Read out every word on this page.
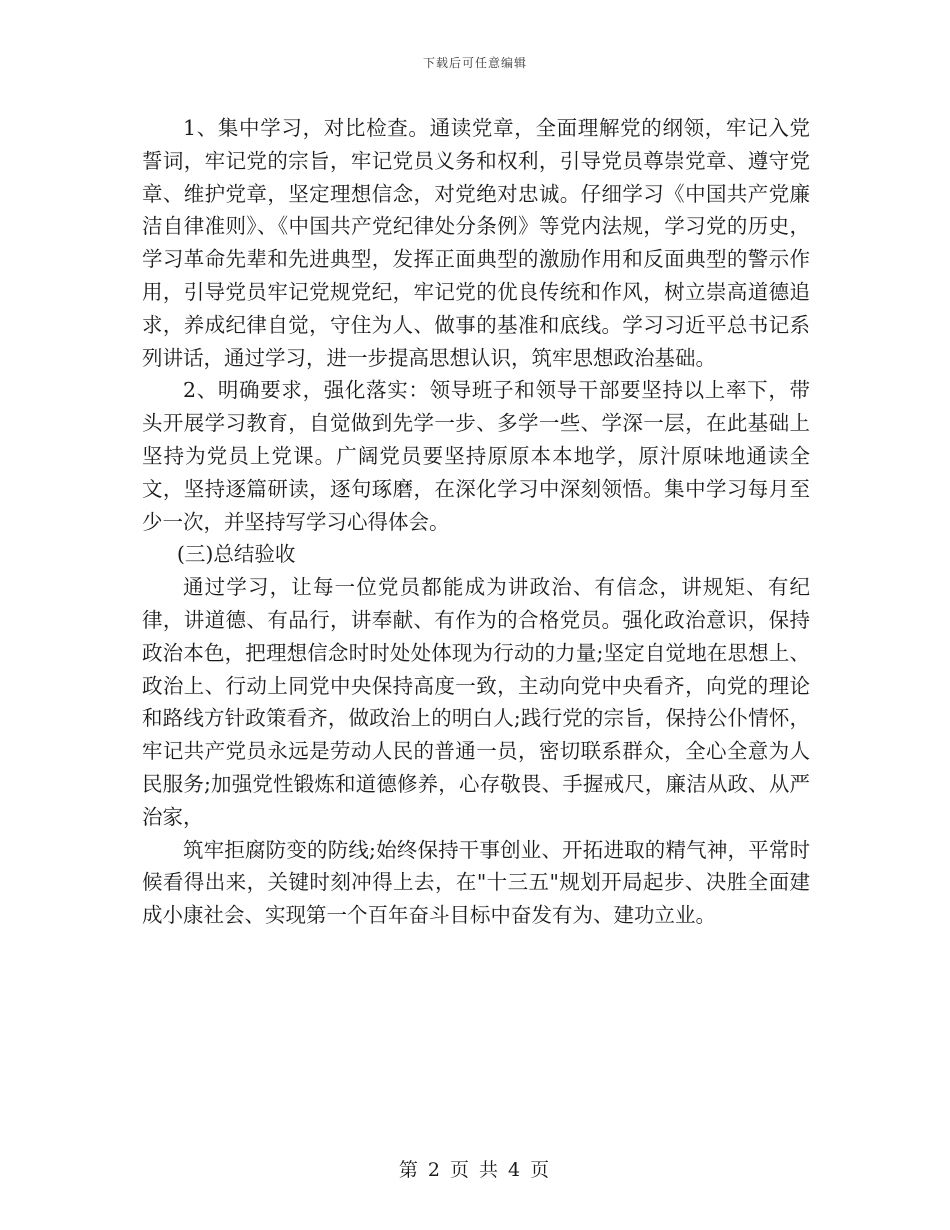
下载后可任意编辑

1、集中学习，对比检查。通读党章，全面理解党的纲领，牢记入党誓词，牢记党的宗旨，牢记党员义务和权利，引导党员尊崇党章、遵守党章、维护党章，坚定理想信念，对党绝对忠诚。仔细学习《中国共产党廉洁自律准则》、《中国共产党纪律处分条例》等党内法规，学习党的历史，学习革命先辈和先进典型，发挥正面典型的激励作用和反面典型的警示作用，引导党员牢记党规党纪，牢记党的优良传统和作风，树立崇高道德追求，养成纪律自觉，守住为人、做事的基准和底线。学习习近平总书记系列讲话，通过学习，进一步提高思想认识，筑牢思想政治基础。

2、明确要求，强化落实：领导班子和领导干部要坚持以上率下，带头开展学习教育，自觉做到先学一步、多学一些、学深一层，在此基础上坚持为党员上党课。广阔党员要坚持原原本本地学，原汁原味地通读全文，坚持逐篇研读，逐句琢磨，在深化学习中深刻领悟。集中学习每月至少一次，并坚持写学习心得体会。

(三)总结验收

通过学习，让每一位党员都能成为讲政治、有信念，讲规矩、有纪律，讲道德、有品行，讲奉献、有作为的合格党员。强化政治意识，保持政治本色，把理想信念时时处处体现为行动的力量;坚定自觉地在思想上、政治上、行动上同党中央保持高度一致，主动向党中央看齐，向党的理论和路线方针政策看齐，做政治上的明白人;践行党的宗旨，保持公仆情怀，牢记共产党员永远是劳动人民的普通一员，密切联系群众，全心全意为人民服务;加强党性锻炼和道德修养，心存敬畏、手握戒尺，廉洁从政、从严治家，

筑牢拒腐防变的防线;始终保持干事创业、开拓进取的精气神，平常时候看得出来，关键时刻冲得上去，在"十三五"规划开局起步、决胜全面建成小康社会、实现第一个百年奋斗目标中奋发有为、建功立业。

第 2 页 共 4 页
